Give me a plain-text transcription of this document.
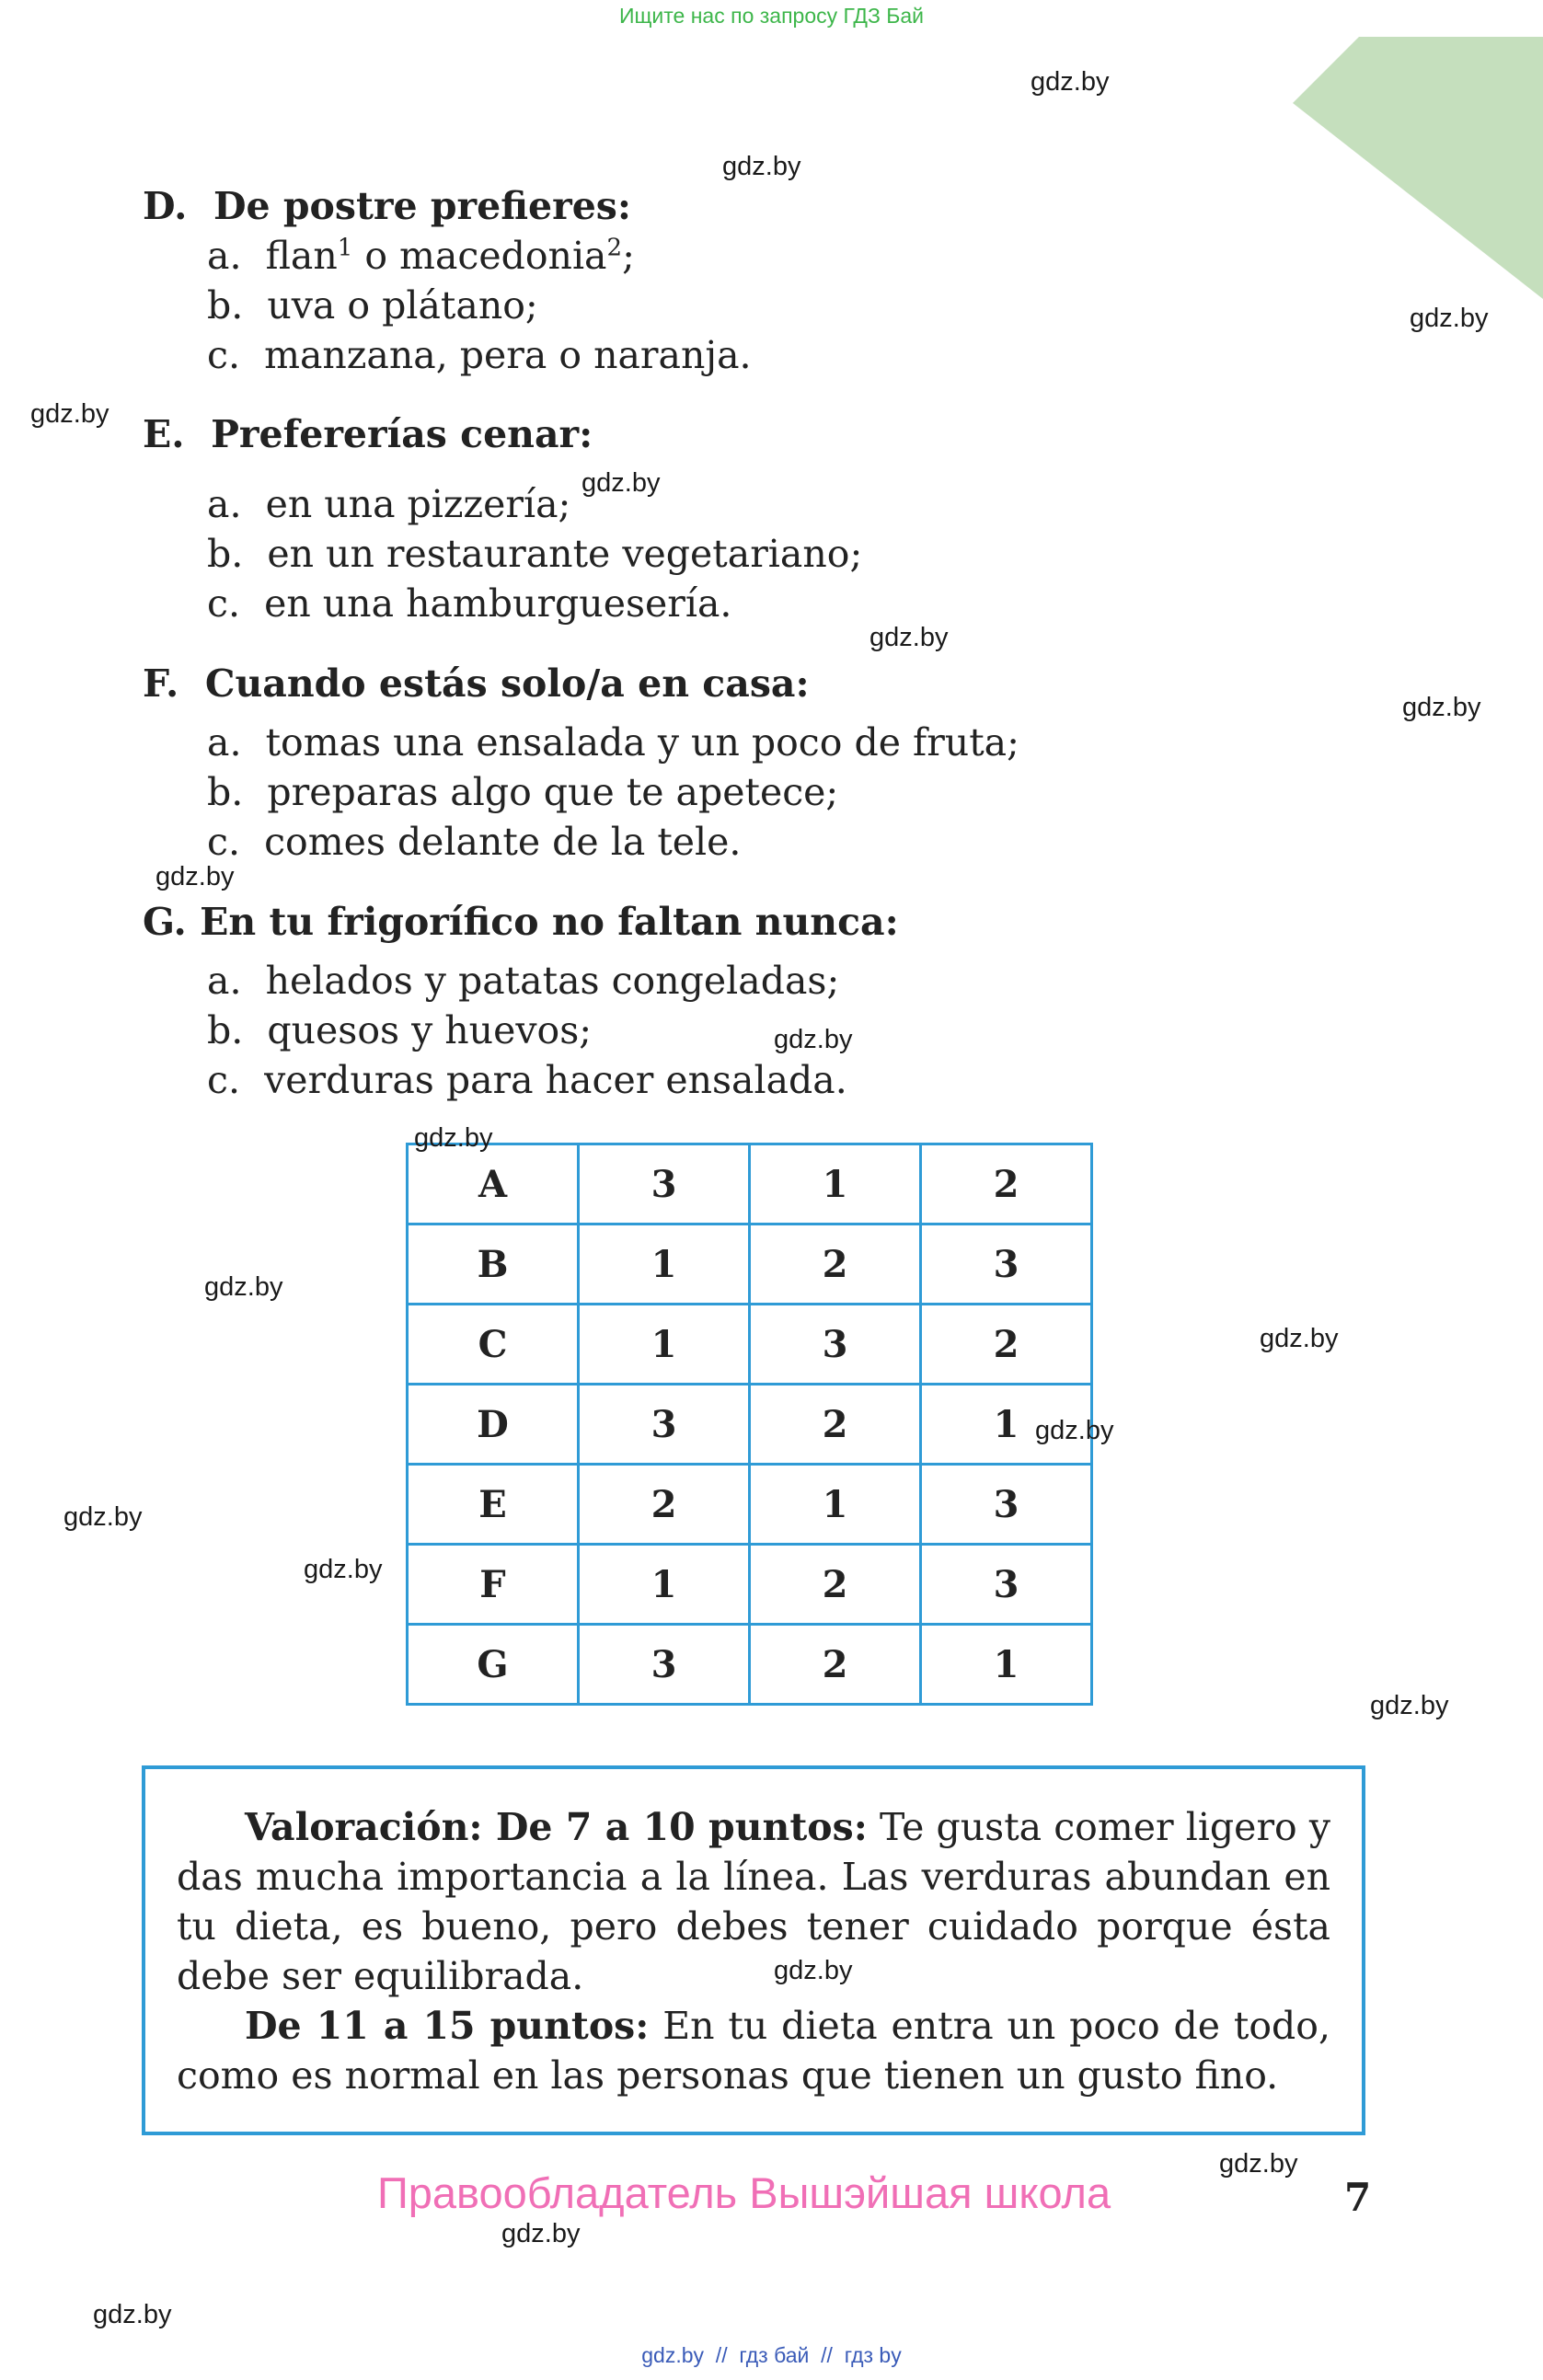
Ищите нас по запросу ГДЗ Бай
D. De postre prefieres:
a. flan$^1$ o macedonia$^2$;
b. uva o plátano;
c. manzana, pera o naranja.
E. Prefererías cenar:
a. en una pizzería;
b. en un restaurante vegetariano;
c. en una hamburguesería.
F. Cuando estás solo/a en casa:
a. tomas una ensalada y un poco de fruta;
b. preparas algo que te apetece;
c. comes delante de la tele.
G. En tu frigorífico no faltan nunca:
a. helados y patatas congeladas;
b. quesos y huevos;
c. verduras para hacer ensalada.
A	3	1	2
B	1	2	3
C	1	3	2
D	3	2	1
E	2	1	3
F	1	2	3
G	3	2	1

Valoración: De 7 a 10 puntos: Te gusta comer ligero y das mucha importancia a la línea. Las verduras abundan en tu dieta, es bueno, pero debes tener cuidado porque ésta debe ser equilibrada.

De 11 a 15 puntos: En tu dieta entra un poco de todo, como es normal en las personas que tienen un gusto fino.

Правообладатель Вышэйшая школа	7
gdz.by
gdz.by
gdz.by
gdz.by
gdz.by
gdz.by
gdz.by
gdz.by
gdz.by
gdz.by
gdz.by
gdz.by
gdz.by
gdz.by
gdz.by
gdz.by
gdz.by
gdz.by
gdz.by
gdz.by
gdz.by  //  гдз бай  //  гдз by
